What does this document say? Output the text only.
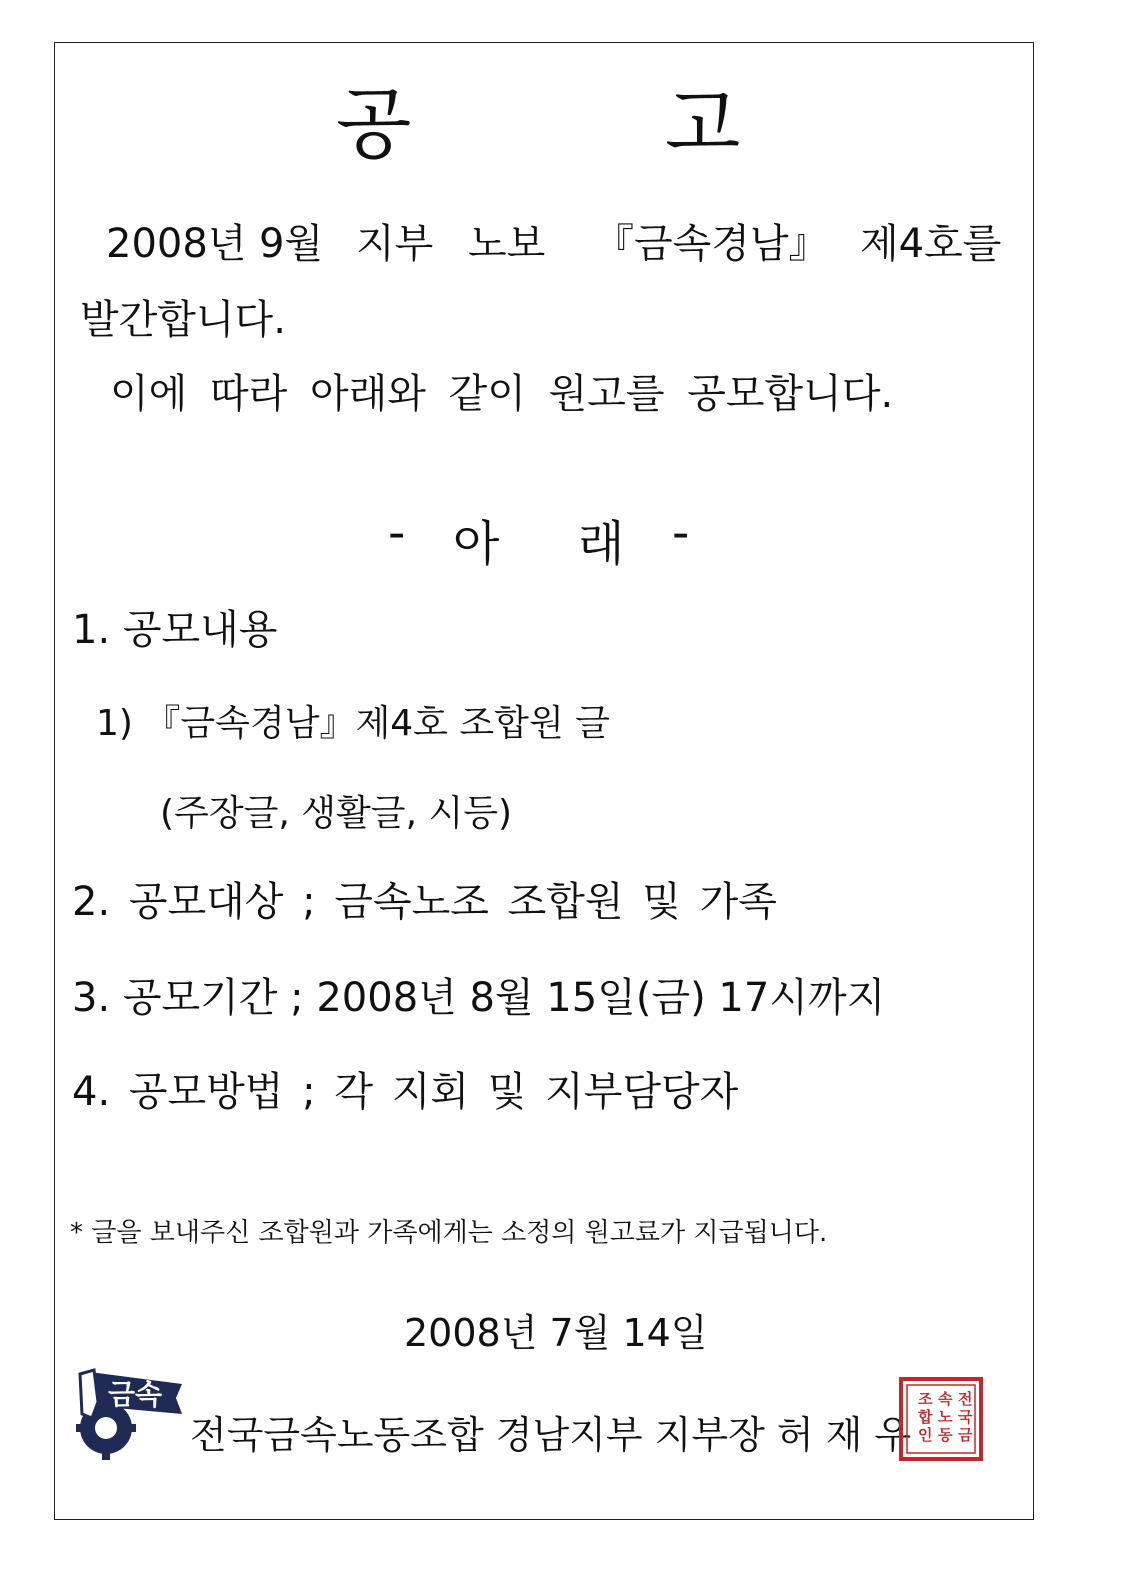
공	고
2008년 9월 지부 노보 『금속경남』 제4호를
발간합니다.
이에 따라 아래와 같이 원고를 공모합니다.
- 아 래 -
1. 공모내용
1) 『금속경남』제4호 조합원 글
(주장글, 생활글, 시등)
2. 공모대상 ; 금속노조 조합원 및 가족
3. 공모기간 ; 2008년 8월 15일(금) 17시까지
4. 공모방법 ; 각 지회 및 지부담당자
* 글을 보내주신 조합원과 가족에게는 소정의 원고료가 지급됩니다.
2008년 7월 14일
금속
전국금속노동조합 경남지부 지부장 허 재 우
전
국
금
속
노
동
조
합
인
